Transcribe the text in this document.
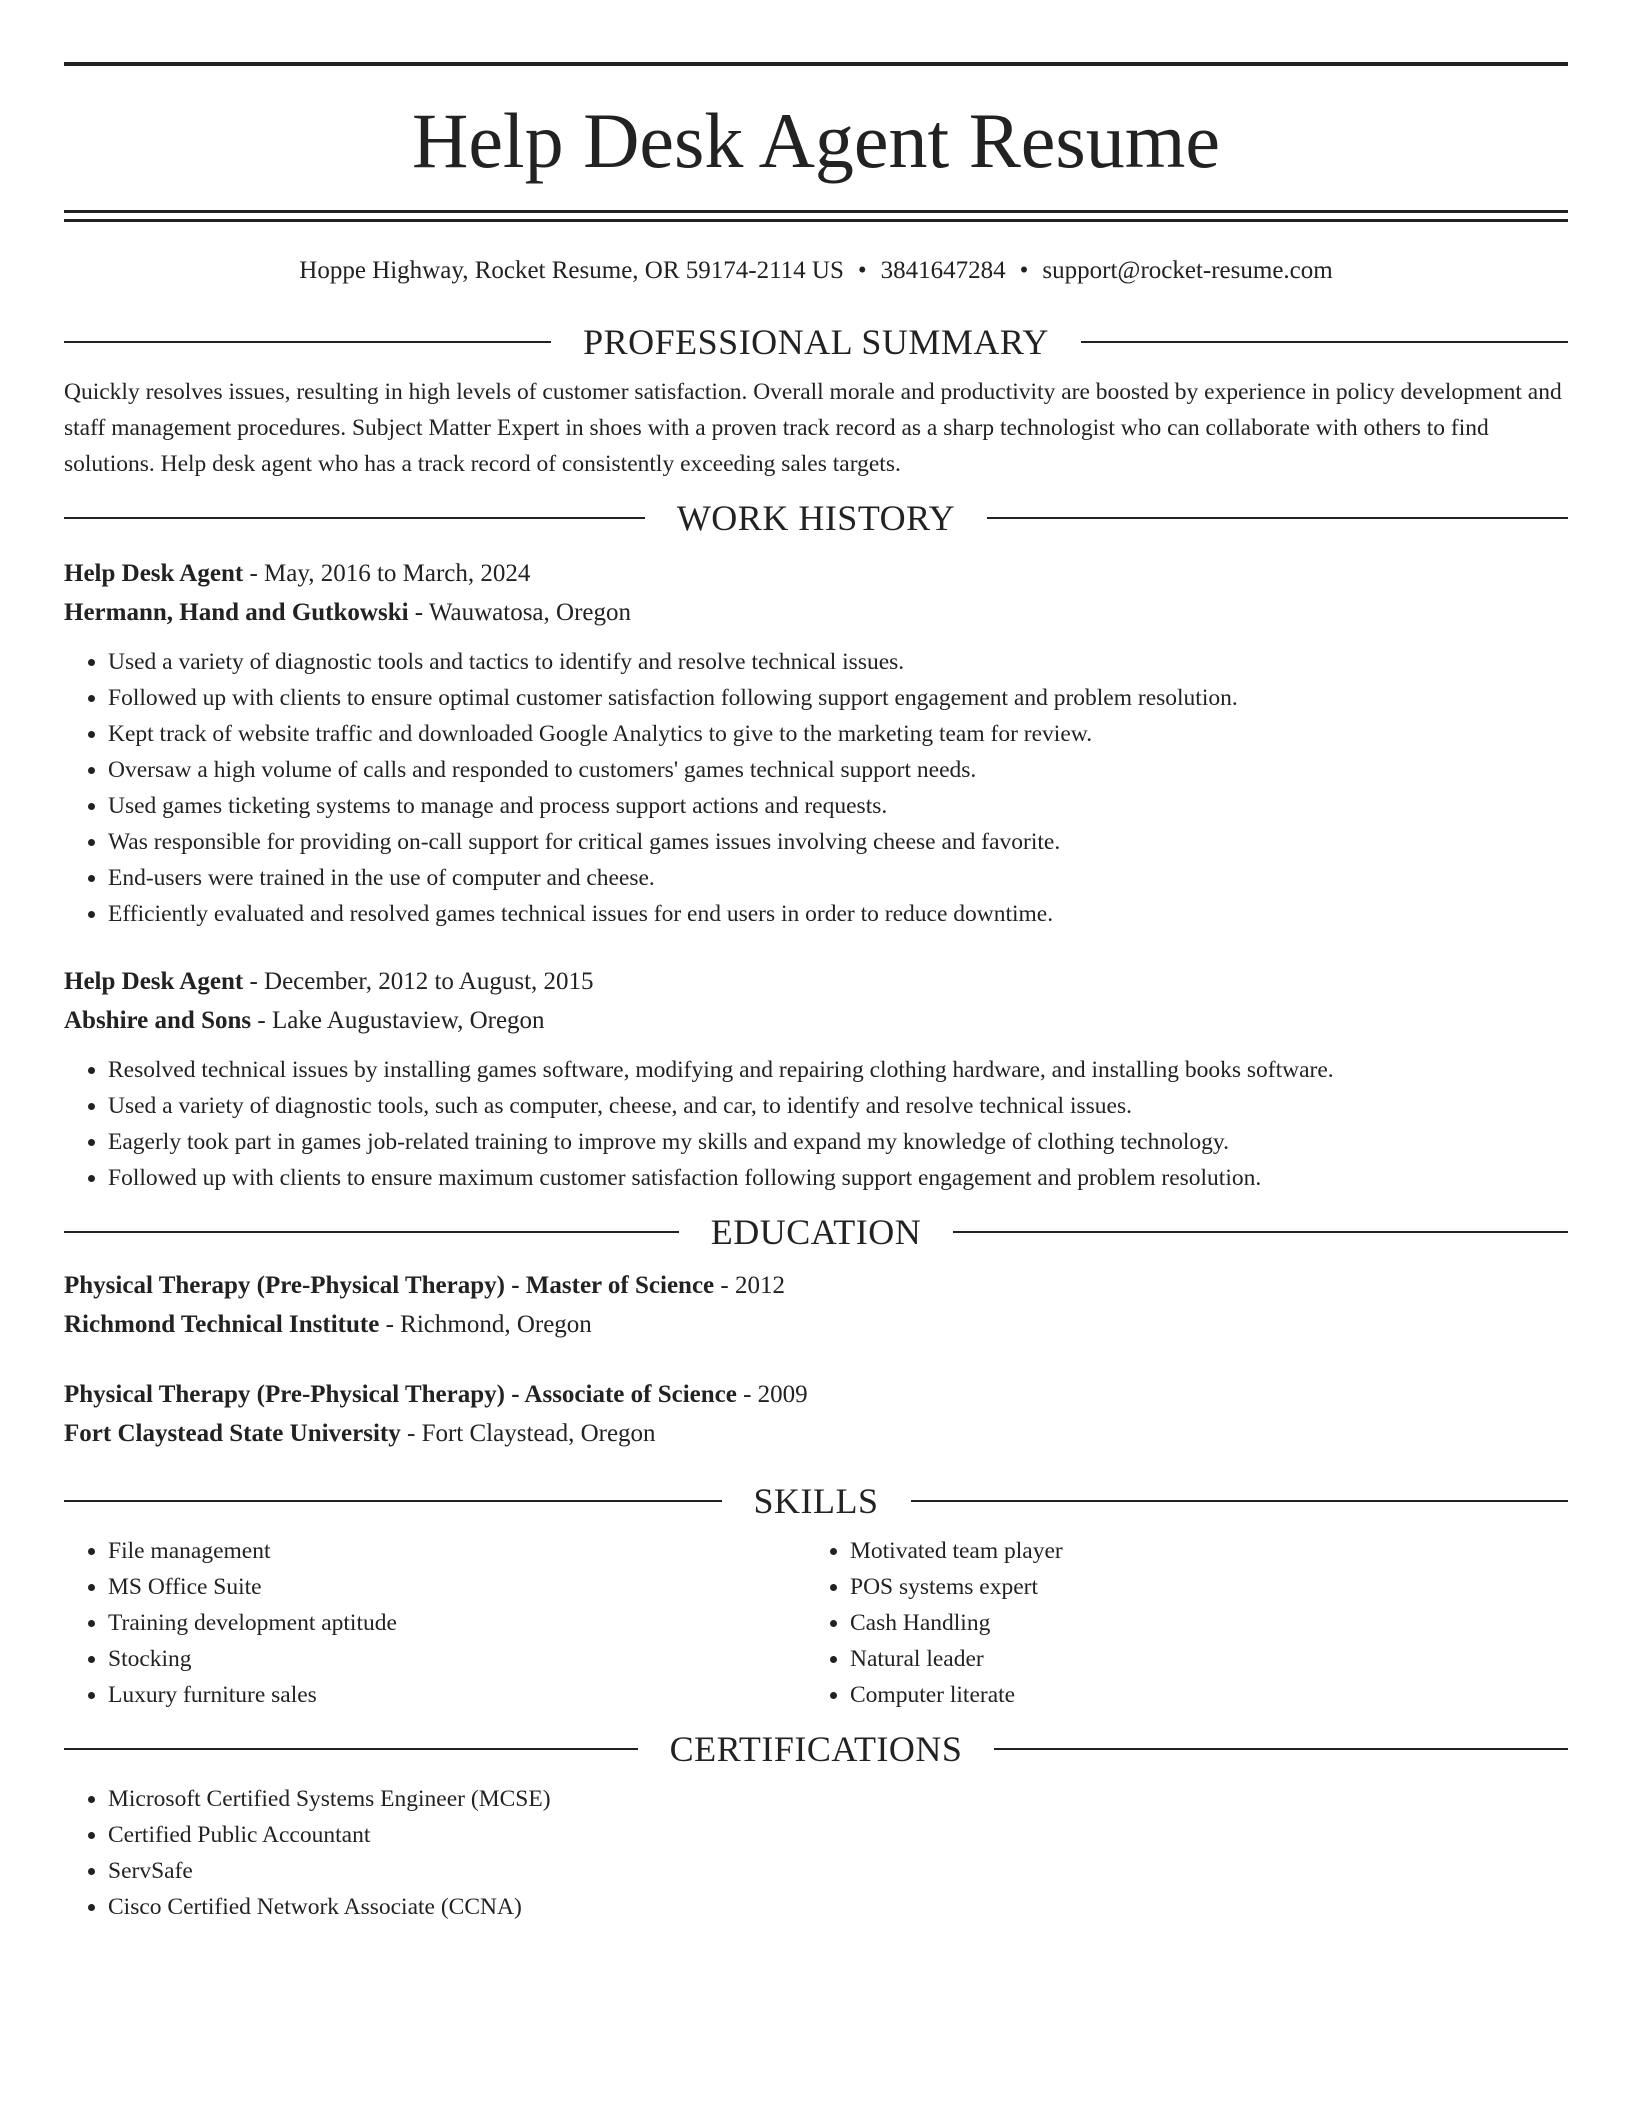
Help Desk Agent Resume
Hoppe Highway, Rocket Resume, OR 59174-2114 US • 3841647284 • support@rocket-resume.com
PROFESSIONAL SUMMARY

Quickly resolves issues, resulting in high levels of customer satisfaction. Overall morale and productivity are boosted by experience in policy development and staff management procedures. Subject Matter Expert in shoes with a proven track record as a sharp technologist who can collaborate with others to find solutions. Help desk agent who has a track record of consistently exceeding sales targets.

WORK HISTORY
Help Desk Agent - May, 2016 to March, 2024
Hermann, Hand and Gutkowski - Wauwatosa, Oregon
• Used a variety of diagnostic tools and tactics to identify and resolve technical issues.
• Followed up with clients to ensure optimal customer satisfaction following support engagement and problem resolution.
• Kept track of website traffic and downloaded Google Analytics to give to the marketing team for review.
• Oversaw a high volume of calls and responded to customers' games technical support needs.
• Used games ticketing systems to manage and process support actions and requests.
• Was responsible for providing on-call support for critical games issues involving cheese and favorite.
• End-users were trained in the use of computer and cheese.
• Efficiently evaluated and resolved games technical issues for end users in order to reduce downtime.
Help Desk Agent - December, 2012 to August, 2015
Abshire and Sons - Lake Augustaview, Oregon
• Resolved technical issues by installing games software, modifying and repairing clothing hardware, and installing books software.
• Used a variety of diagnostic tools, such as computer, cheese, and car, to identify and resolve technical issues.
• Eagerly took part in games job-related training to improve my skills and expand my knowledge of clothing technology.
• Followed up with clients to ensure maximum customer satisfaction following support engagement and problem resolution.
EDUCATION
Physical Therapy (Pre-Physical Therapy) - Master of Science - 2012
Richmond Technical Institute - Richmond, Oregon
Physical Therapy (Pre-Physical Therapy) - Associate of Science - 2009
Fort Claystead State University - Fort Claystead, Oregon
SKILLS
• File management
• MS Office Suite
• Training development aptitude
• Stocking
• Luxury furniture sales
• Motivated team player
• POS systems expert
• Cash Handling
• Natural leader
• Computer literate
CERTIFICATIONS
• Microsoft Certified Systems Engineer (MCSE)
• Certified Public Accountant
• ServSafe
• Cisco Certified Network Associate (CCNA)
